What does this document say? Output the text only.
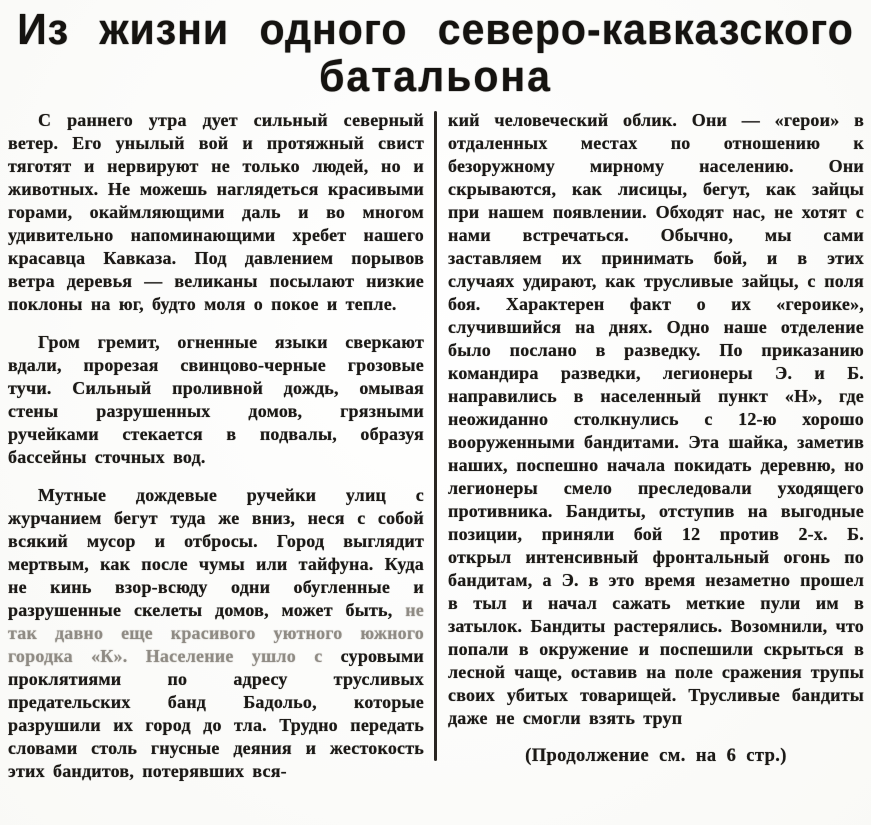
Из жизни одного северо-кавказского
батальона

С раннего утра дует сильный северный ветер. Его унылый вой и протяжный свист тяготят и нервируют не только людей, но и животных. Не можешь наглядеться красивыми горами, окаймляющими даль и во многом удивительно напоминающими хребет нашего красавца Кавказа. Под давлением порывов ветра деревья — великаны посылают низкие поклоны на юг, будто моля о покое и тепле.

Гром гремит, огненные языки сверкают вдали, прорезая свинцово-черные грозовые тучи. Сильный проливной дождь, омывая стены разрушенных домов, грязными ручейками стекается в подвалы, образуя бассейны сточных вод.

Мутные дождевые ручейки улиц с журчанием бегут туда же вниз, неся с собой всякий мусор и отбросы. Город выглядит мертвым, как после чумы или тайфуна. Куда не кинь взор-всюду одни обугленные и разрушенные скелеты домов, может быть, не так давно еще красивого уютного южного городка «К». Население ушло с суровыми проклятиями по адресу трусливых предательских банд Бадольо, которые разрушили их город до тла. Трудно передать словами столь гнусные деяния и жестокость этих бандитов, потерявших вся-

кий человеческий облик. Они — «герои» в отдаленных местах по отношению к безоружному мирному населению. Они скрываются, как лисицы, бегут, как зайцы при нашем появлении. Обходят нас, не хотят с нами встречаться. Обычно, мы сами заставляем их принимать бой, и в этих случаях удирают, как трусливые зайцы, с поля боя. Характерен факт о их «героике», случившийся на днях. Одно наше отделение было послано в разведку. По приказанию командира разведки, легионеры Э. и Б. направились в населенный пункт «Н», где неожиданно столкнулись с 12-ю хорошо вооруженными бандитами. Эта шайка, заметив наших, поспешно начала покидать деревню, но легионеры смело преследовали уходящего противника. Бандиты, отступив на выгодные позиции, приняли бой 12 против 2-х. Б. открыл интенсивный фронтальный огонь по бандитам, а Э. в это время незаметно прошел в тыл и начал сажать меткие пули им в затылок. Бандиты растерялись. Возомнили, что попали в окружение и поспешили скрыться в лесной чаще, оставив на поле сражения трупы своих убитых товарищей. Трусливые бандиты даже не смогли взять труп

(Продолжение см. на 6 стр.)
